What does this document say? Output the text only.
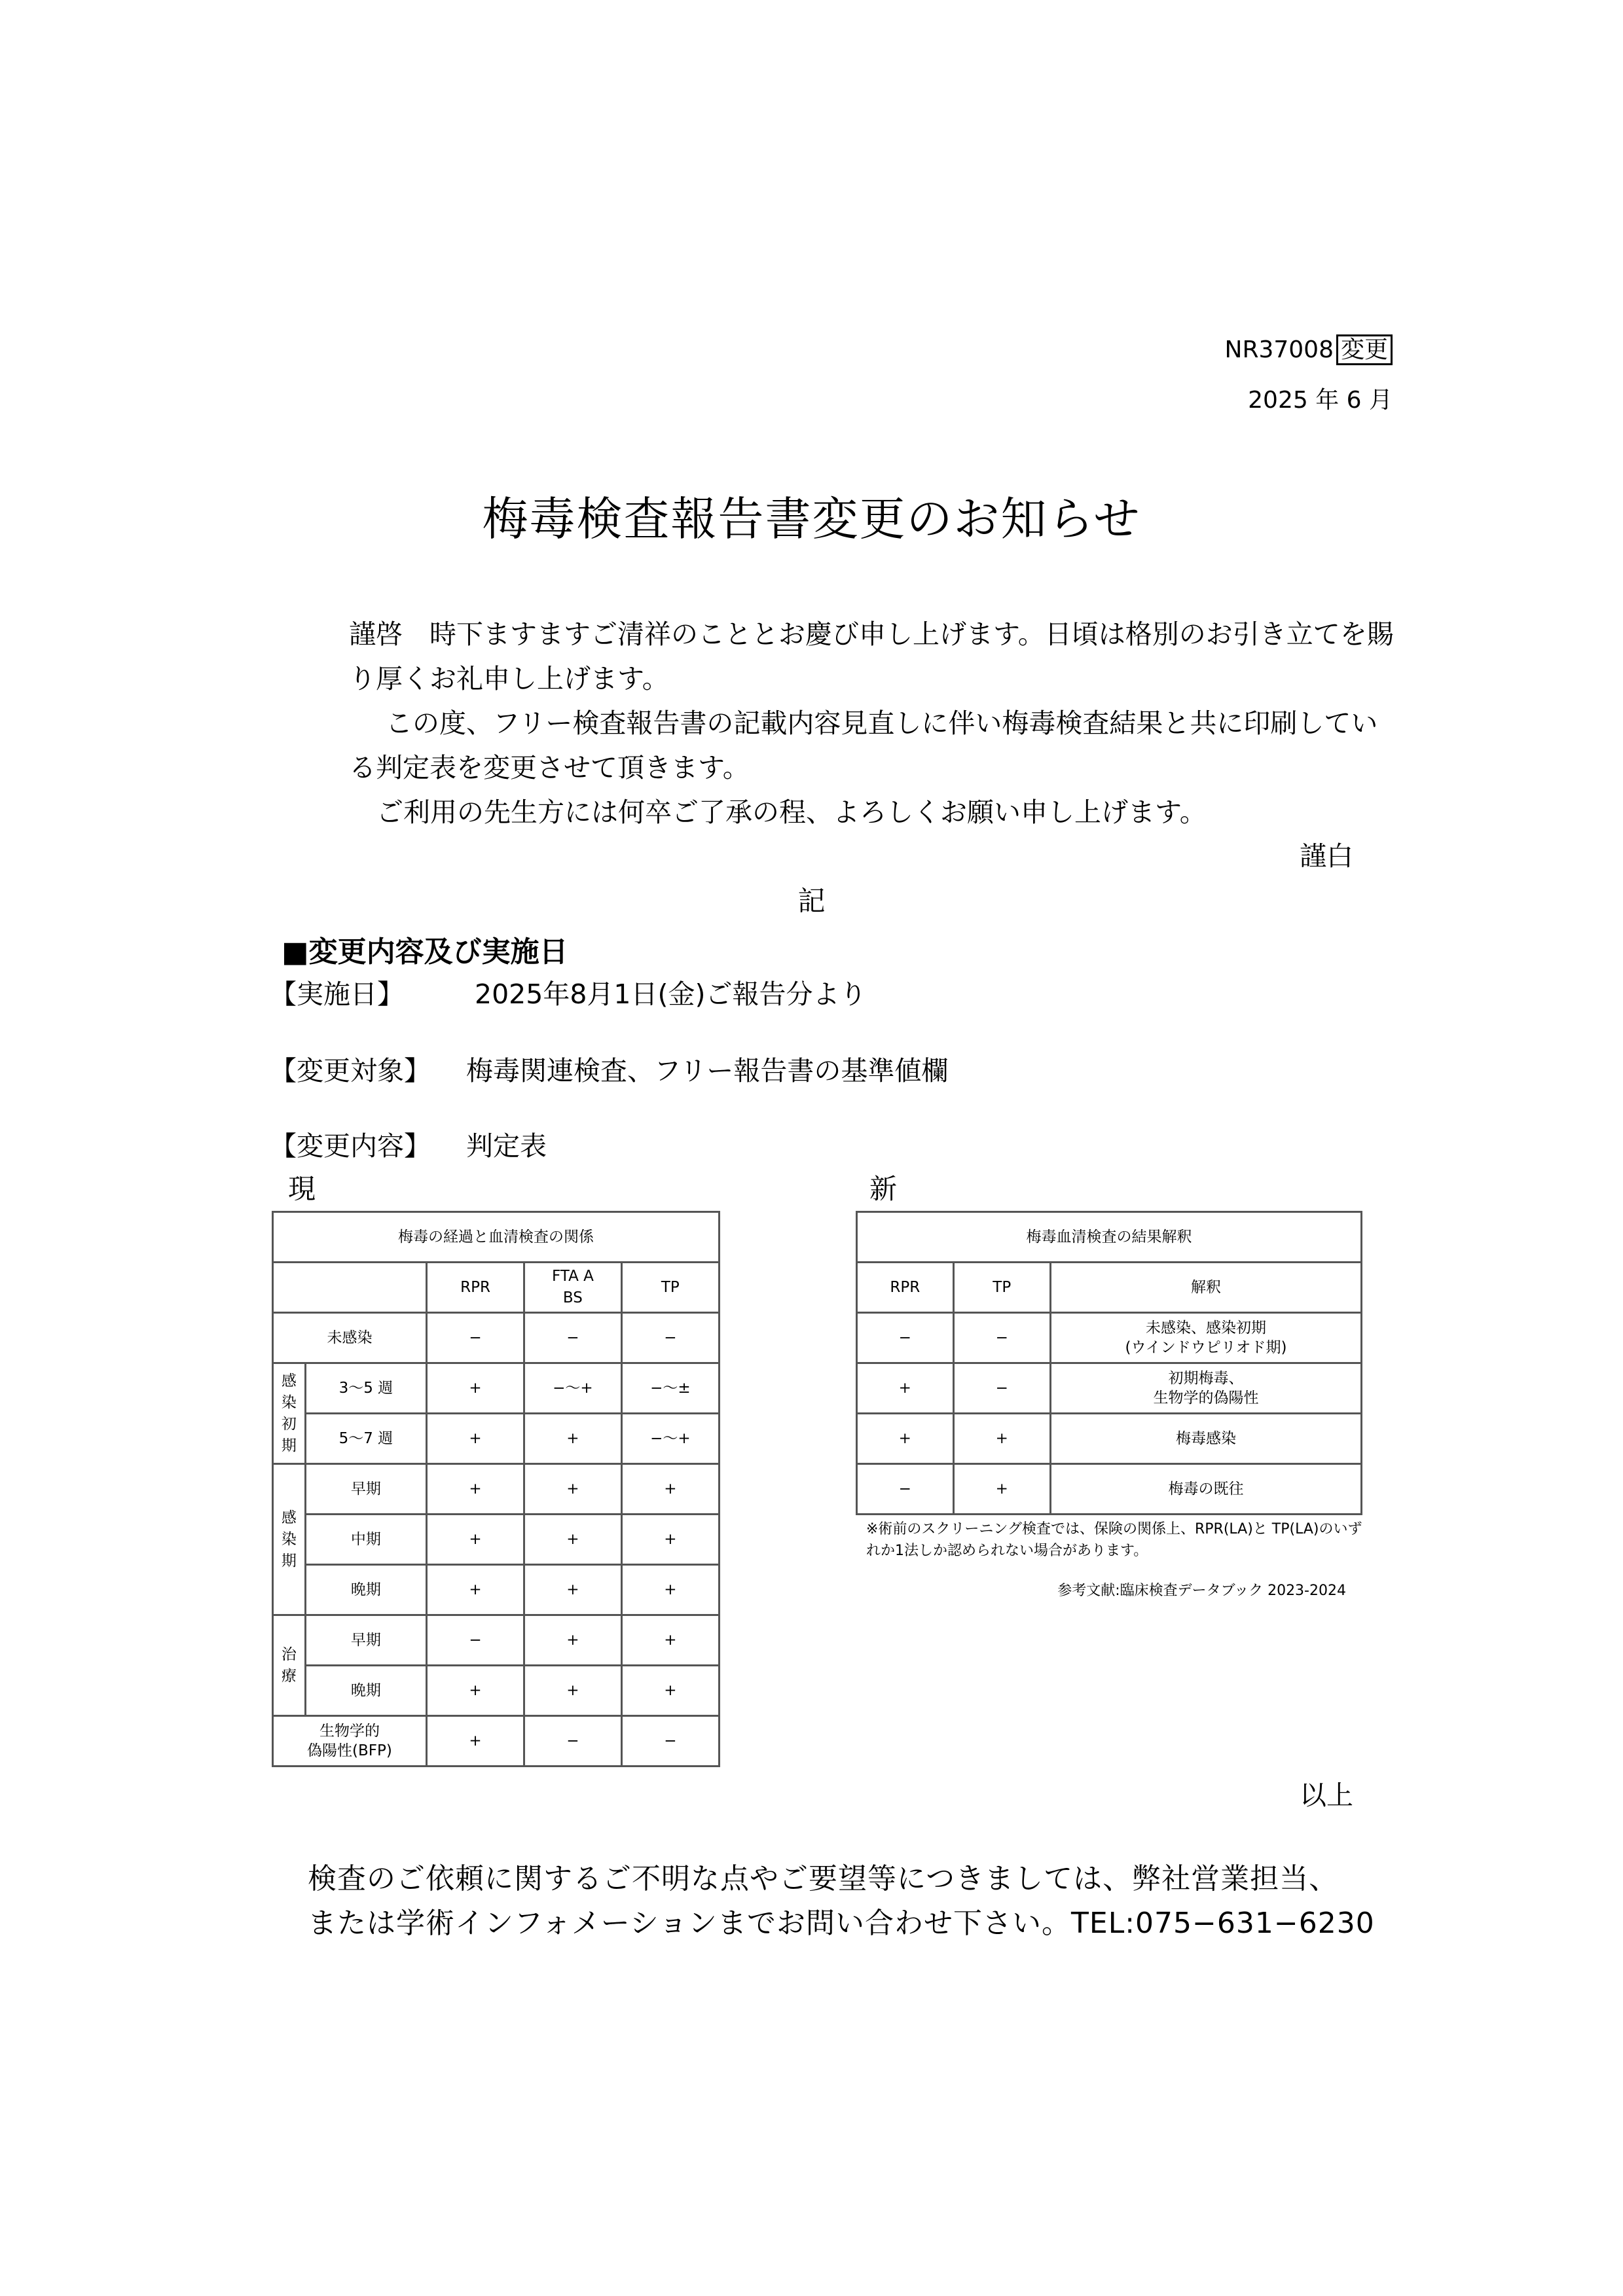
NR37008 変更
2025 年 6 月
梅毒検査報告書変更のお知らせ
謹啓　時下ますますご清祥のこととお慶び申し上げます。日頃は格別のお引き立てを賜り厚くお礼申し上げます。
この度、フリー検査報告書の記載内容見直しに伴い梅毒検査結果と共に印刷している判定表を変更させて頂きます。
ご利用の先生方には何卒ご了承の程、よろしくお願い申し上げます。
謹白
記
■変更内容及び実施日
【実施日】	2025年8月1日(金)ご報告分より
【変更対象】 梅毒関連検査、フリー報告書の基準値欄
【変更内容】 判定表
現	新
梅毒の経過と血清検査の関係				
		RPR	FTA ABS	TP
未感染		−	−	−

感染初期	3〜5 週	+	−〜+	−〜±
	5〜7 週	+	+	−〜+

感染期	早期	+	+	+
	中期	+	+	+
	晩期	+	+	+

治療	早期	−	+	+
	晩期	+	+	+

生物学的
偽陽性(BFP)		+	−	−
梅毒血清検査の結果解釈		
RPR	TP	解釈
−	−	未感染、感染初期
(ウインドウピリオド期)

+	−	初期梅毒、
生物学的偽陽性

+	+	梅毒感染
−	+	梅毒の既往
※術前のスクリーニング検査では、保険の関係上、RPR(LA)と TP(LA)のいずれか1法しか認められない場合があります。
参考文献:臨床検査データブック 2023-2024
以上
検査のご依頼に関するご不明な点やご要望等につきましては、弊社営業担当、
または学術インフォメーションまでお問い合わせ下さい。TEL:075−631−6230
